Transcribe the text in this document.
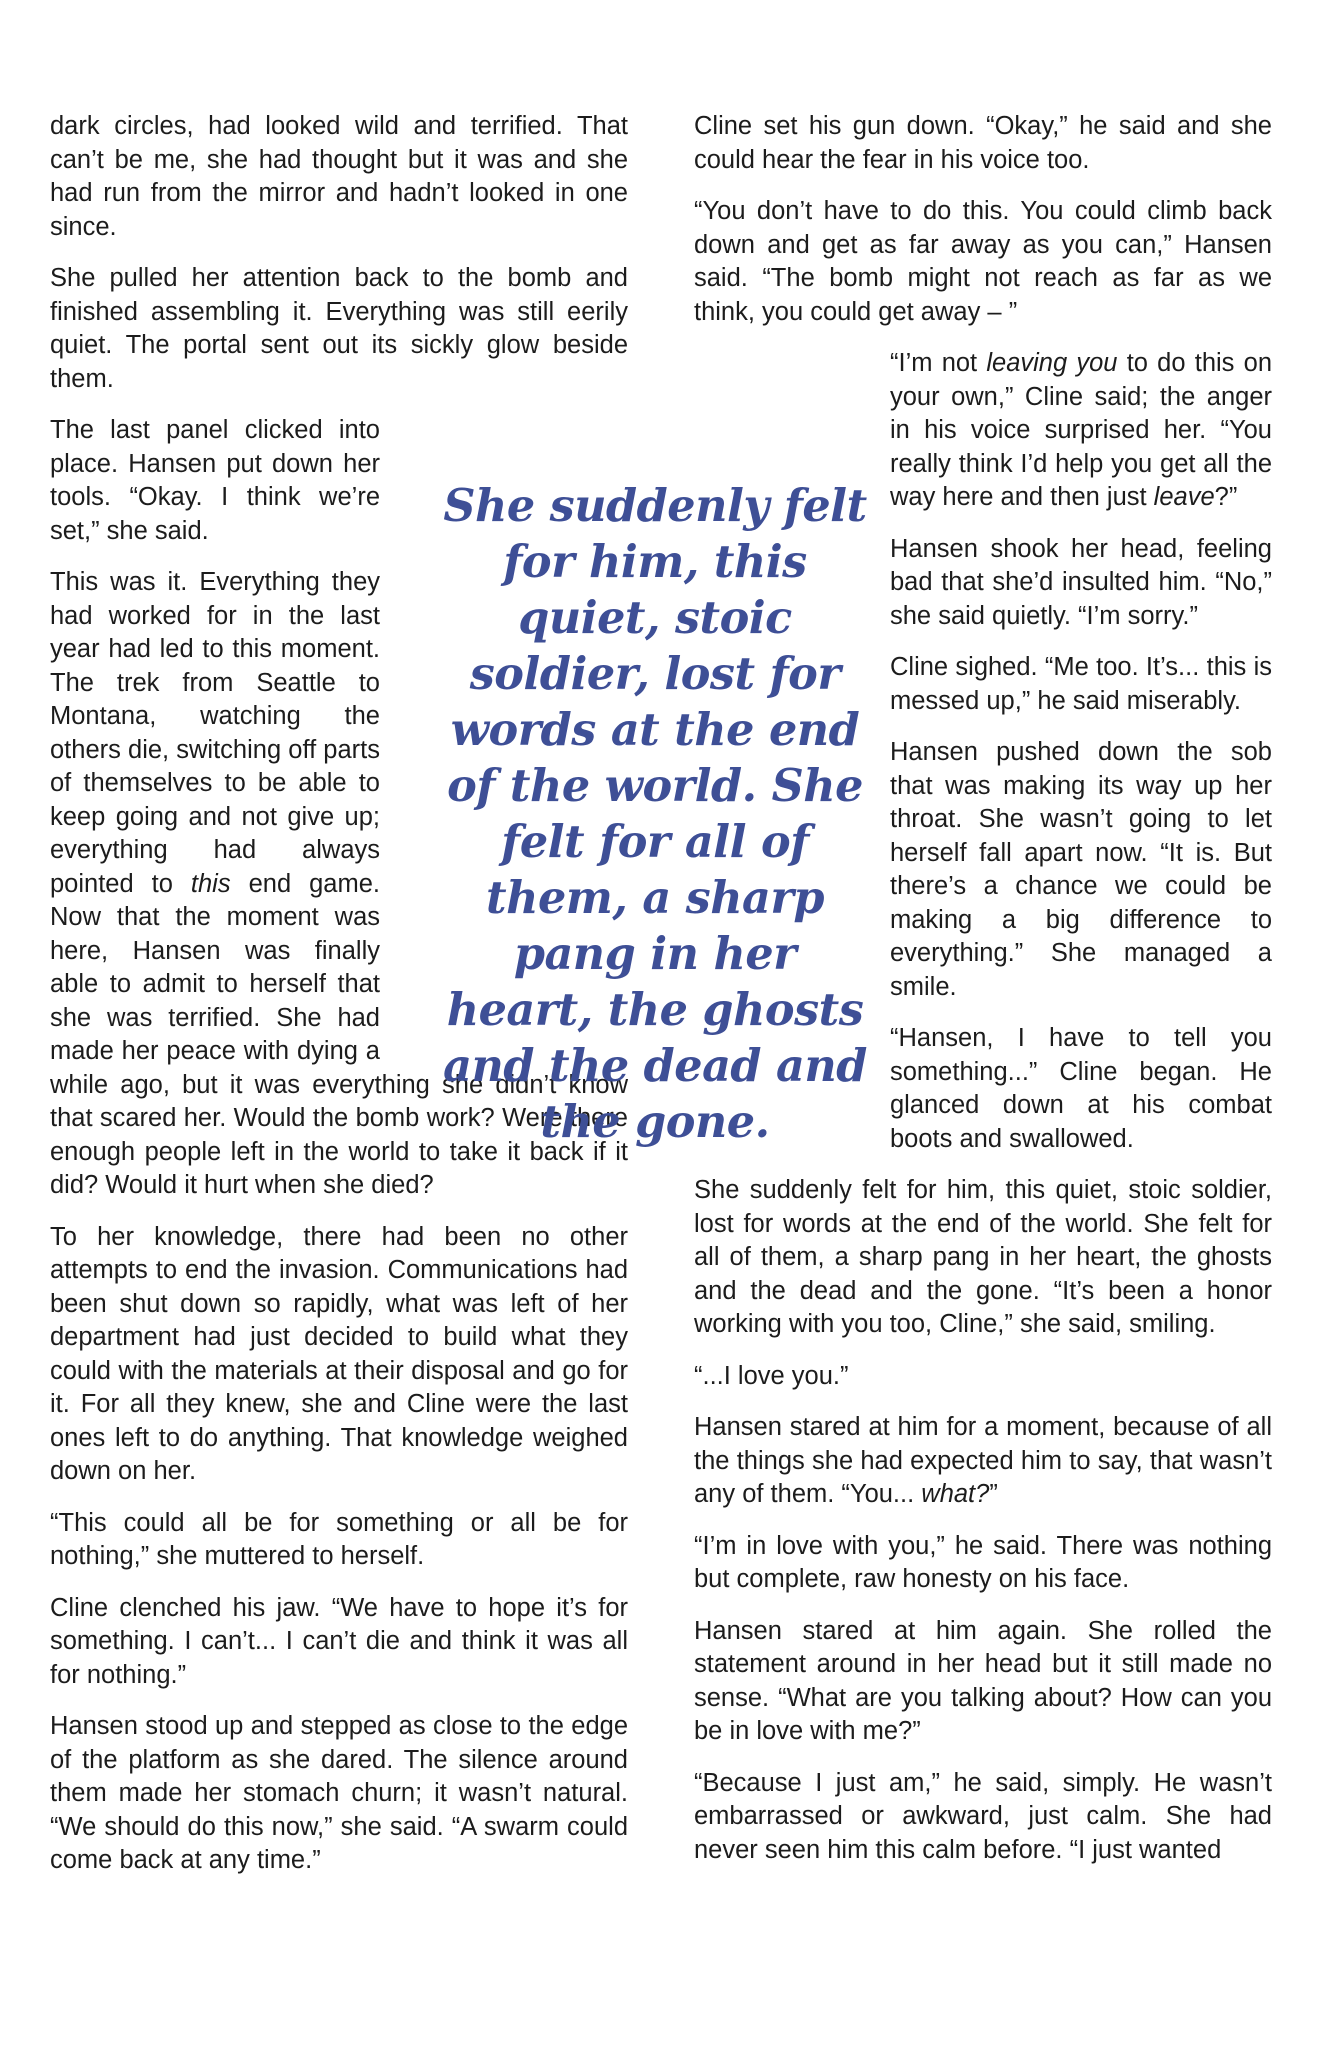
dark circles, had looked wild and terrified. That can’t be me, she had thought but it was and she had run from the mirror and hadn’t looked in one since.

She pulled her attention back to the bomb and finished assembling it. Everything was still eerily quiet. The portal sent out its sickly glow beside them.

The last panel clicked into place. Hansen put down her tools. “Okay. I think we’re set,” she said.

This was it. Everything they had worked for in the last year had led to this moment. The trek from Seattle to Montana, watching the others die, switching off parts of themselves to be able to keep going and not give up; everything had always pointed to this end game. Now that the moment was here, Hansen was finally able to admit to herself that she was terrified. She had made her peace with dying a while ago, but it was everything she didn’t know that scared her. Would the bomb work? Were there enough people left in the world to take it back if it did? Would it hurt when she died?

To her knowledge, there had been no other attempts to end the invasion. Communications had been shut down so rapidly, what was left of her department had just decided to build what they could with the materials at their disposal and go for it. For all they knew, she and Cline were the last ones left to do anything. That knowledge weighed down on her.

“This could all be for something or all be for nothing,” she muttered to herself.

Cline clenched his jaw. “We have to hope it’s for something. I can’t... I can’t die and think it was all for nothing.”

Hansen stood up and stepped as close to the edge of the platform as she dared. The silence around them made her stomach churn; it wasn’t natural. “We should do this now,” she said. “A swarm could come back at any time.”

Cline set his gun down. “Okay,” he said and she could hear the fear in his voice too.

“You don’t have to do this. You could climb back down and get as far away as you can,” Hansen said. “The bomb might not reach as far as we think, you could get away – ”

“I’m not leaving you to do this on your own,” Cline said; the anger in his voice surprised her. “You really think I’d help you get all the way here and then just leave?”

Hansen shook her head, feeling bad that she’d insulted him. “No,” she said quietly. “I’m sorry.”

Cline sighed. “Me too. It’s... this is messed up,” he said miserably.

Hansen pushed down the sob that was making its way up her throat. She wasn’t going to let herself fall apart now. “It is. But there’s a chance we could be making a big difference to everything.” She managed a smile.

“Hansen, I have to tell you something...” Cline began. He glanced down at his combat boots and swallowed.

She suddenly felt for him, this quiet, stoic soldier, lost for words at the end of the world. She felt for all of them, a sharp pang in her heart, the ghosts and the dead and the gone. “It’s been a honor working with you too, Cline,” she said, smiling.

“...I love you.”

Hansen stared at him for a moment, because of all the things she had expected him to say, that wasn’t any of them. “You... what?”

“I’m in love with you,” he said. There was nothing but complete, raw honesty on his face.

Hansen stared at him again. She rolled the statement around in her head but it still made no sense. “What are you talking about? How can you be in love with me?”

“Because I just am,” he said, simply. He wasn’t embarrassed or awkward, just calm. She had never seen him this calm before. “I just wanted

She suddenly felt for him, this quiet, stoic soldier, lost for words at the end of the world. She felt for all of them, a sharp pang in her heart, the ghosts and the dead and the gone.
